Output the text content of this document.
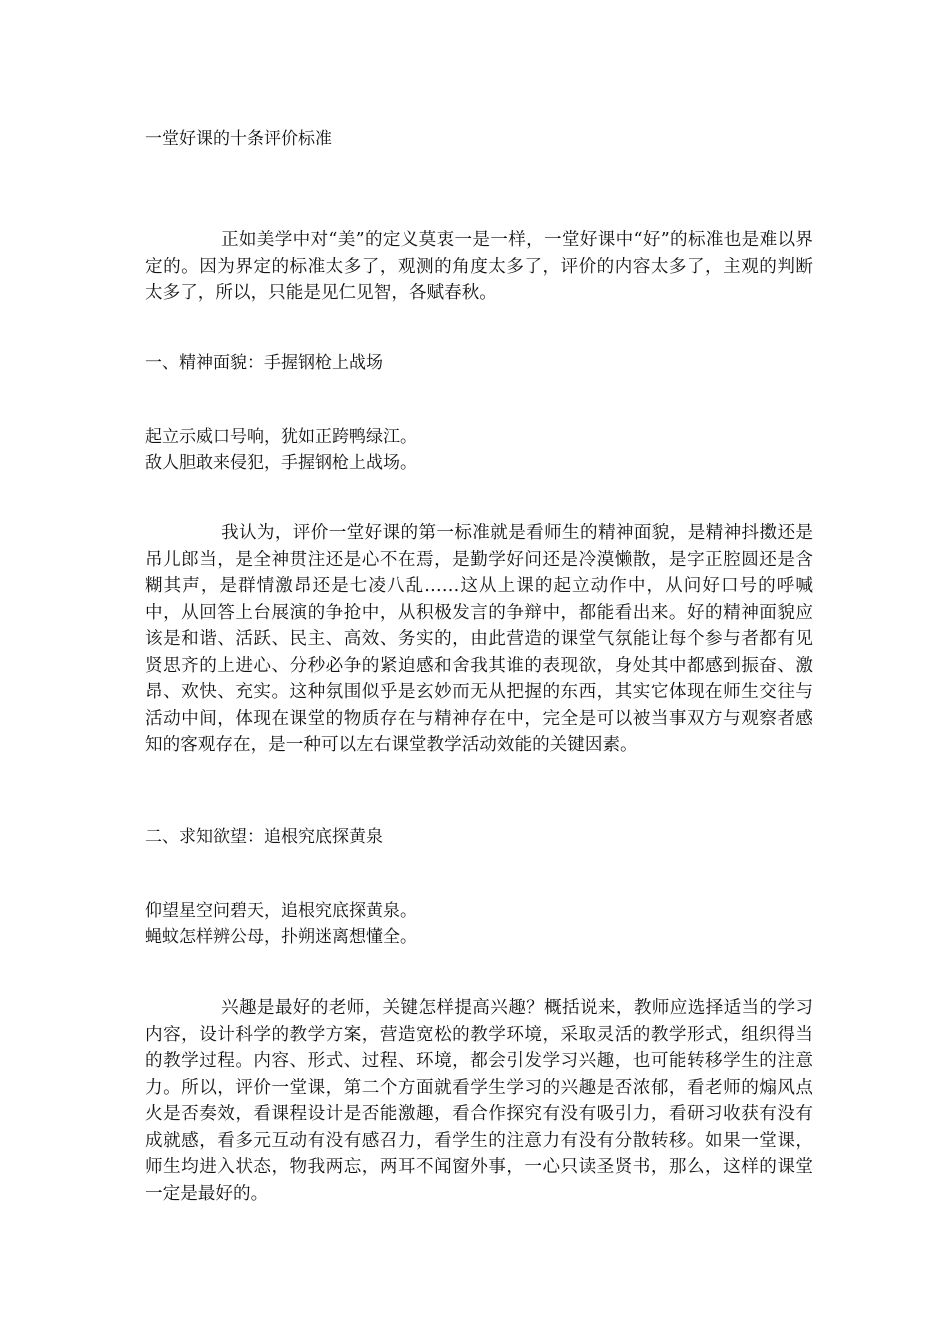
一堂好课的十条评价标准

正如美学中对“美”的定义莫衷一是一样，一堂好课中“好”的标准也是难以界定的。因为界定的标准太多了，观测的角度太多了，评价的内容太多了，主观的判断太多了，所以，只能是见仁见智，各赋春秋。

一、精神面貌：手握钢枪上战场

起立示威口号响，犹如正跨鸭绿江。

敌人胆敢来侵犯，手握钢枪上战场。

我认为，评价一堂好课的第一标准就是看师生的精神面貌，是精神抖擞还是吊儿郎当，是全神贯注还是心不在焉，是勤学好问还是冷漠懒散，是字正腔圆还是含糊其声，是群情激昂还是七凌八乱……这从上课的起立动作中，从问好口号的呼喊中，从回答上台展演的争抢中，从积极发言的争辩中，都能看出来。好的精神面貌应该是和谐、活跃、民主、高效、务实的，由此营造的课堂气氛能让每个参与者都有见贤思齐的上进心、分秒必争的紧迫感和舍我其谁的表现欲，身处其中都感到振奋、激昂、欢快、充实。这种氛围似乎是玄妙而无从把握的东西，其实它体现在师生交往与活动中间，体现在课堂的物质存在与精神存在中，完全是可以被当事双方与观察者感知的客观存在，是一种可以左右课堂教学活动效能的关键因素。

二、求知欲望：追根究底探黄泉

仰望星空问碧天，追根究底探黄泉。

蝇蚊怎样辨公母，扑朔迷离想懂全。

兴趣是最好的老师，关键怎样提高兴趣？概括说来，教师应选择适当的学习内容，设计科学的教学方案，营造宽松的教学环境，采取灵活的教学形式，组织得当的教学过程。内容、形式、过程、环境，都会引发学习兴趣，也可能转移学生的注意力。所以，评价一堂课，第二个方面就看学生学习的兴趣是否浓郁，看老师的煽风点火是否奏效，看课程设计是否能激趣，看合作探究有没有吸引力，看研习收获有没有成就感，看多元互动有没有感召力，看学生的注意力有没有分散转移。如果一堂课，师生均进入状态，物我两忘，两耳不闻窗外事，一心只读圣贤书，那么，这样的课堂一定是最好的。
